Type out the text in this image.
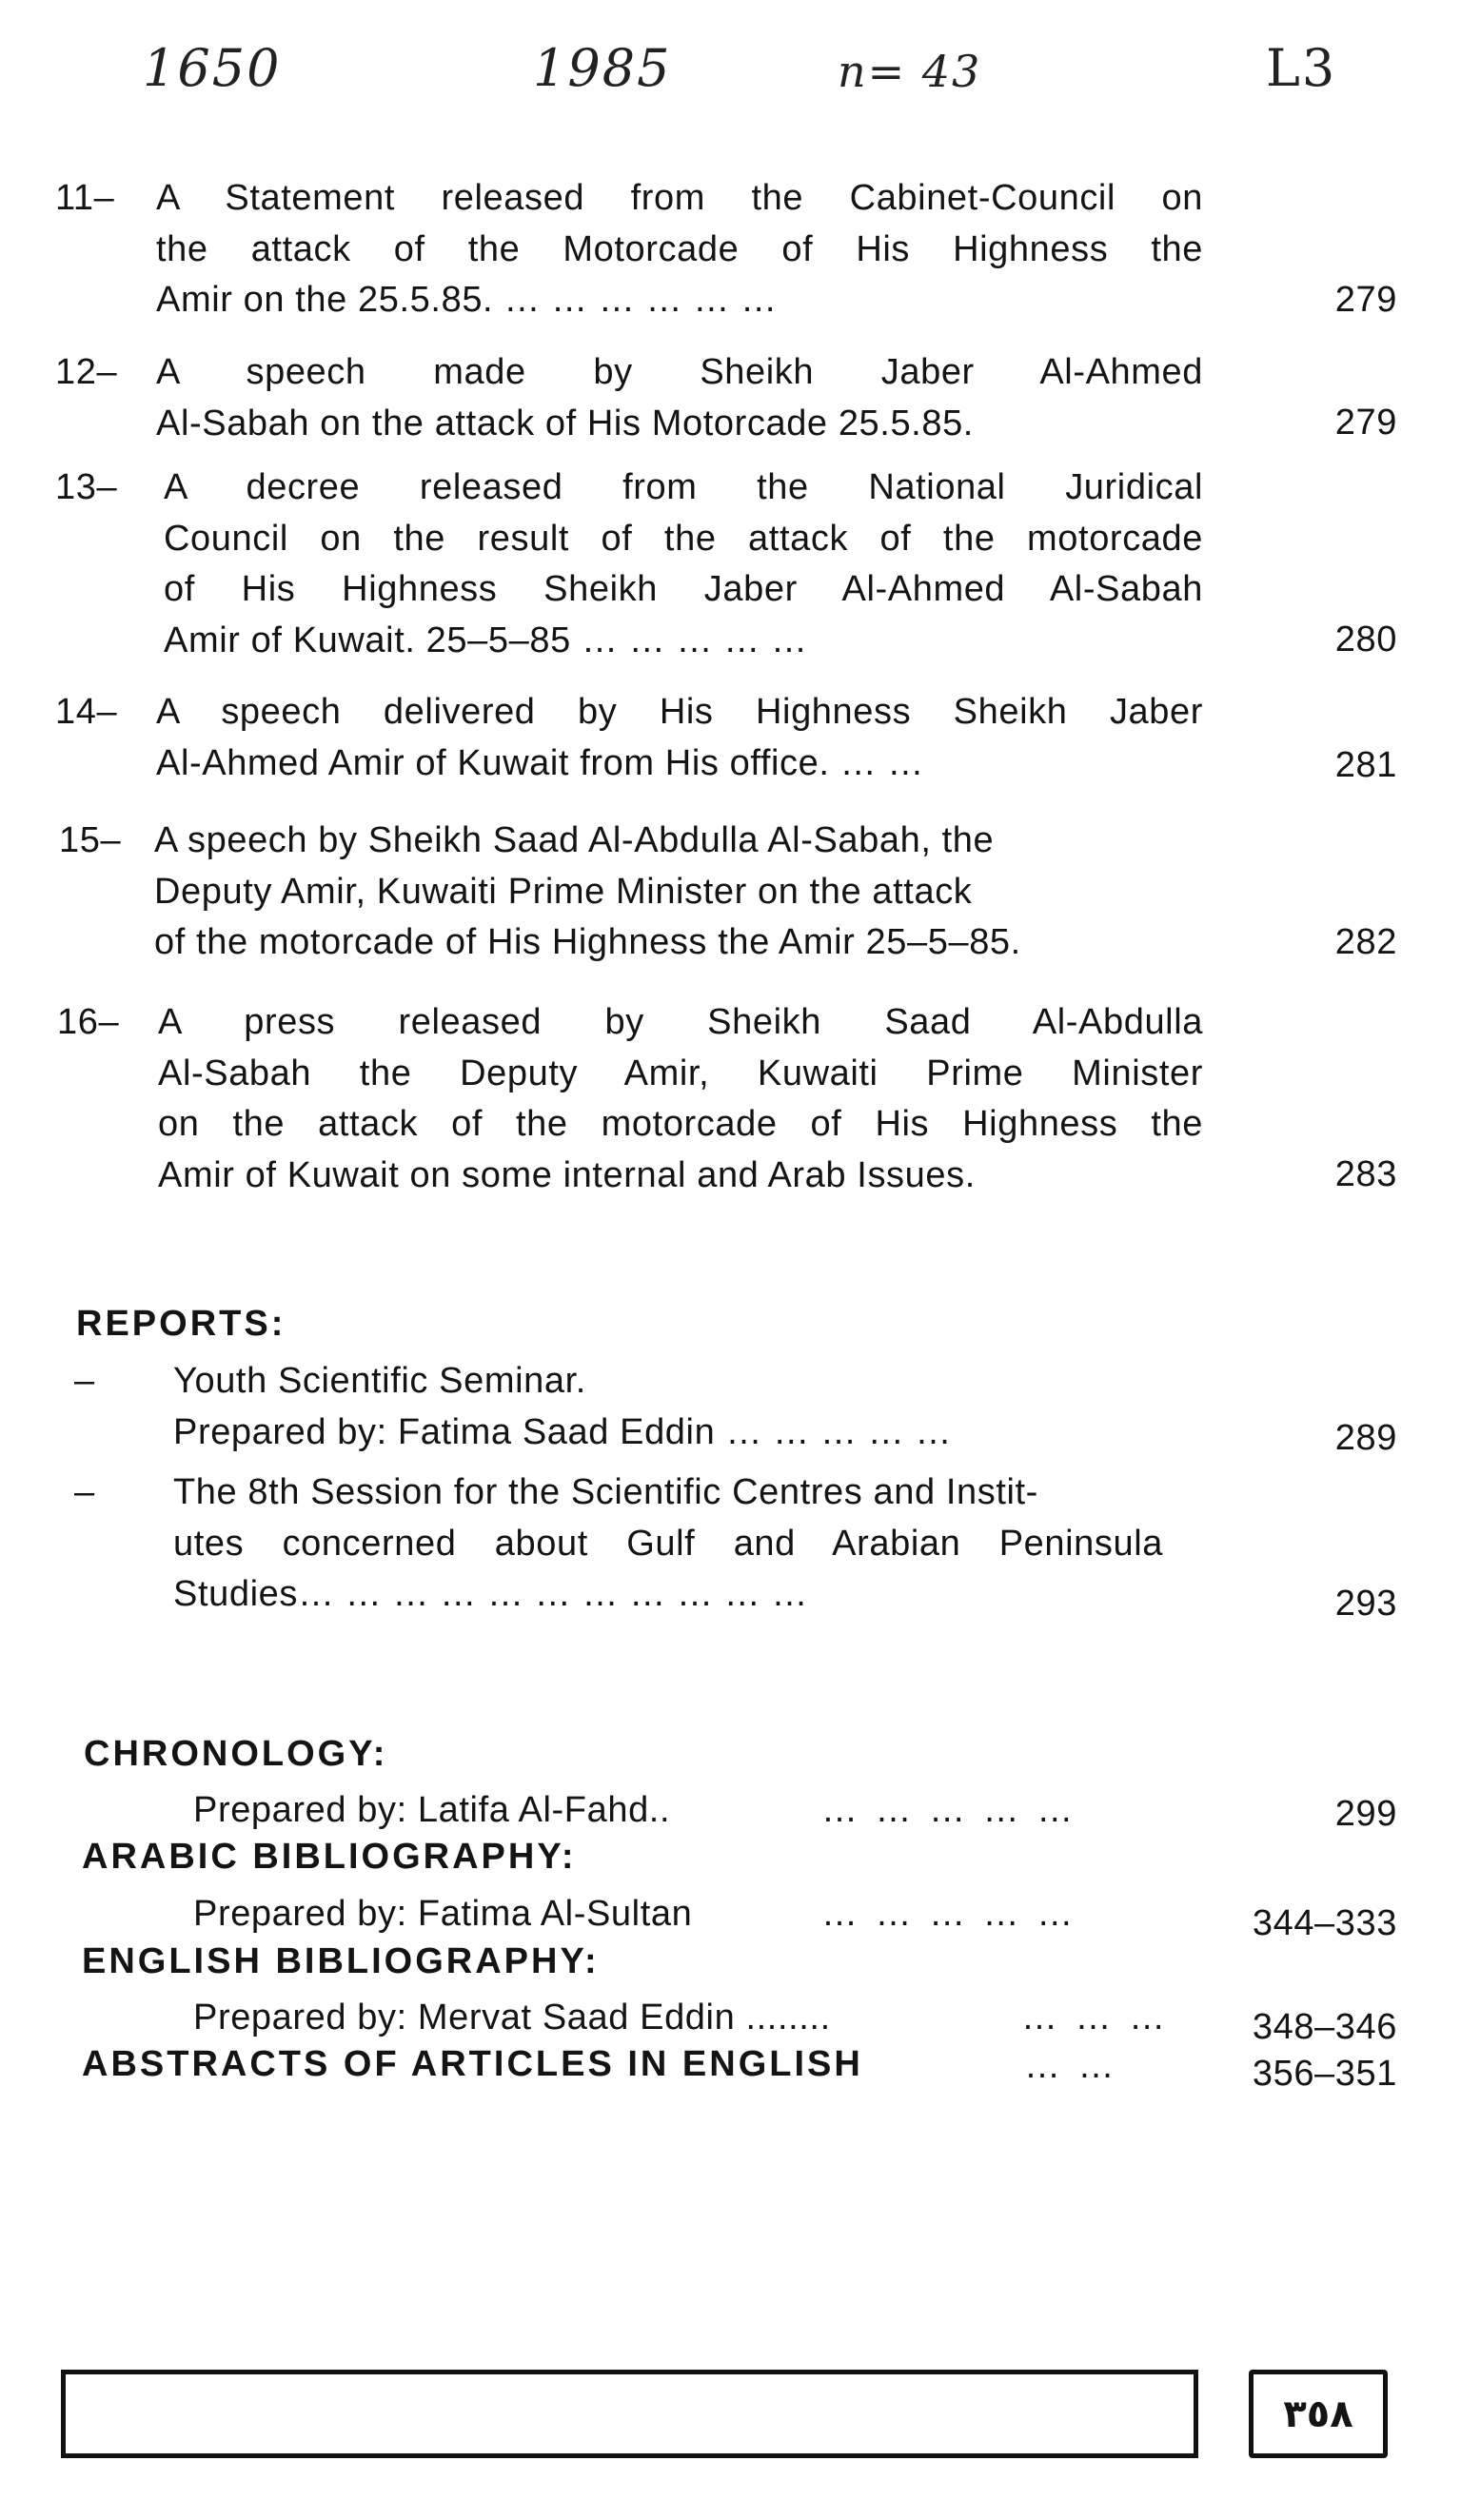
1650	1985	n= 43	L3
11– A Statement released from the Cabinet-Council on
the attack of the Motorcade of His Highness the
Amir on the 25.5.85. … … … … … …	279
12– A speech made by Sheikh Jaber Al-Ahmed
Al-Sabah on the attack of His Motorcade 25.5.85.	279
13– A decree released from the National Juridical
Council on the result of the attack of the motorcade
of His Highness Sheikh Jaber Al-Ahmed Al-Sabah
Amir of Kuwait. 25–5–85 … … … … …	280
14– A speech delivered by His Highness Sheikh Jaber
Al-Ahmed Amir of Kuwait from His office. … …	281
15– A speech by Sheikh Saad Al-Abdulla Al-Sabah, the
Deputy Amir, Kuwaiti Prime Minister on the attack
of the motorcade of His Highness the Amir 25–5–85.	282
16– A press released by Sheikh Saad Al-Abdulla
Al-Sabah the Deputy Amir, Kuwaiti Prime Minister
on the attack of the motorcade of His Highness the
Amir of Kuwait on some internal and Arab Issues.	283
REPORTS:
– Youth Scientific Seminar.
Prepared by: Fatima Saad Eddin … … … … …	289
– The 8th Session for the Scientific Centres and Instit-
utes concerned about Gulf and Arabian Peninsula
Studies… … … … … … … … … … …	293
CHRONOLOGY:
Prepared by: Latifa Al-Fahd..	… … … … …	299
ARABIC BIBLIOGRAPHY:
Prepared by: Fatima Al-Sultan	… … … … …	344–333
ENGLISH BIBLIOGRAPHY:
Prepared by: Mervat Saad Eddin ........	… … … 348–346
ABSTRACTS OF ARTICLES IN ENGLISH	… …	356–351
٣٥٨
